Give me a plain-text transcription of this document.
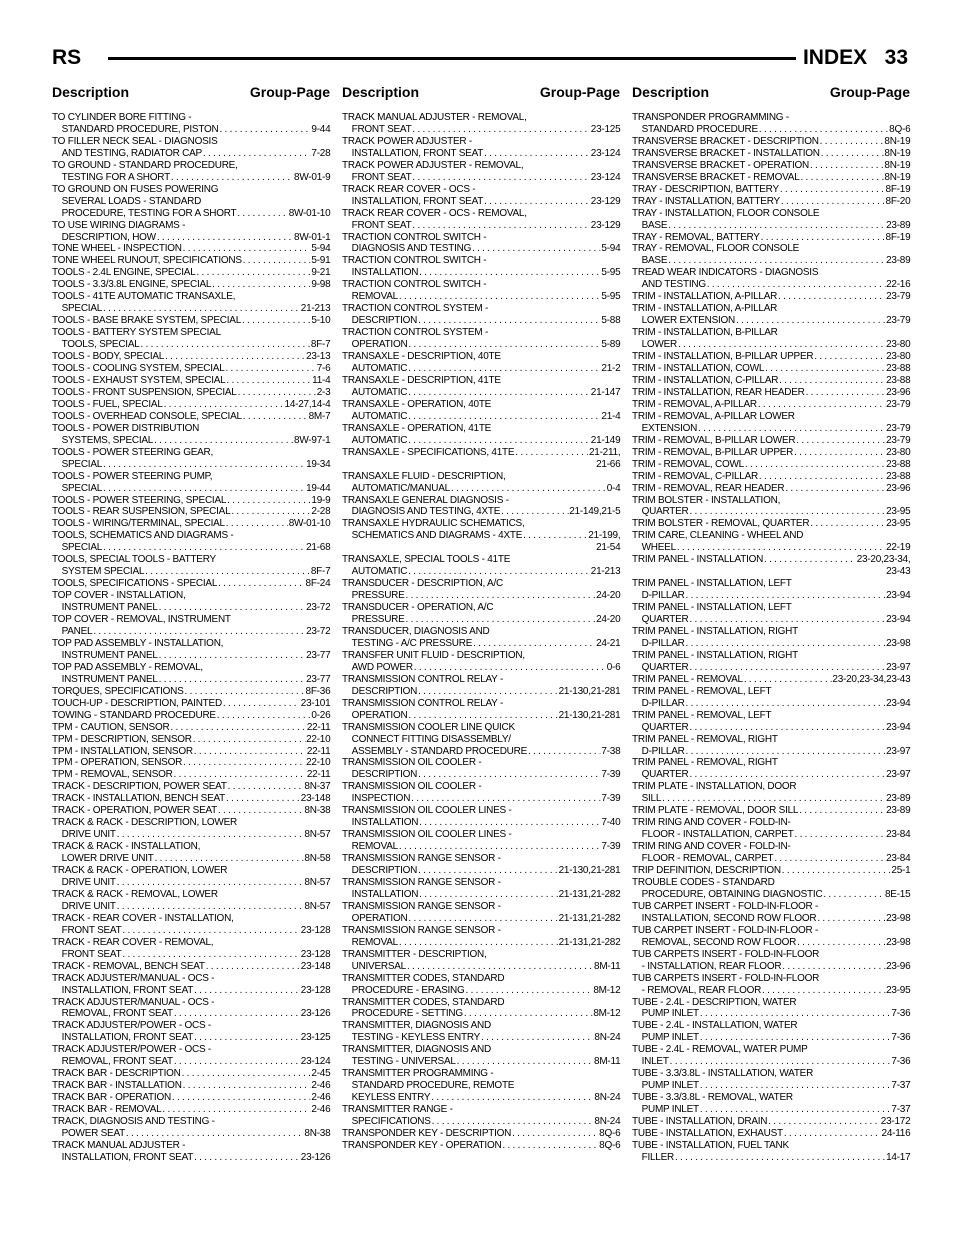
RS	INDEX 33
Description	Group-Page
TO CYLINDER BORE FITTING -
STANDARD PROCEDURE, PISTON . . .	9-44
TO FILLER NECK SEAL - DIAGNOSIS
AND TESTING, RADIATOR CAP . . .	7-28
TO GROUND - STANDARD PROCEDURE,
TESTING FOR A SHORT . . .	8W-01-9
TO GROUND ON FUSES POWERING
SEVERAL LOADS - STANDARD
PROCEDURE, TESTING FOR A SHORT . . .	8W-01-10
TO USE WIRING DIAGRAMS -
DESCRIPTION, HOW . . .	8W-01-1
TONE WHEEL - INSPECTION . . .	5-94
TONE WHEEL RUNOUT, SPECIFICATIONS . . .	5-91
TOOLS - 2.4L ENGINE, SPECIAL . . .	9-21
TOOLS - 3.3/3.8L ENGINE, SPECIAL . . .	9-98
TOOLS - 41TE AUTOMATIC TRANSAXLE,
SPECIAL . . .	21-213
TOOLS - BASE BRAKE SYSTEM, SPECIAL . . .	5-10
TOOLS - BATTERY SYSTEM SPECIAL
TOOLS, SPECIAL . . .	8F-7
TOOLS - BODY, SPECIAL . . .	23-13
TOOLS - COOLING SYSTEM, SPECIAL . . .	7-6
TOOLS - EXHAUST SYSTEM, SPECIAL . . .	11-4
TOOLS - FRONT SUSPENSION, SPECIAL . . .	2-3
TOOLS - FUEL, SPECIAL . . .	14-27,14-4
TOOLS - OVERHEAD CONSOLE, SPECIAL . . .	8M-7
TOOLS - POWER DISTRIBUTION
SYSTEMS, SPECIAL . . .	8W-97-1
TOOLS - POWER STEERING GEAR,
SPECIAL . . .	19-34
TOOLS - POWER STEERING PUMP,
SPECIAL . . .	19-44
TOOLS - POWER STEERING, SPECIAL . . .	19-9
TOOLS - REAR SUSPENSION, SPECIAL . . .	2-28
TOOLS - WIRING/TERMINAL, SPECIAL . . .	8W-01-10
TOOLS, SCHEMATICS AND DIAGRAMS -
SPECIAL . . .	21-68
TOOLS, SPECIAL TOOLS - BATTERY
SYSTEM SPECIAL . . .	8F-7
TOOLS, SPECIFICATIONS - SPECIAL . . .	8F-24
TOP COVER - INSTALLATION,
INSTRUMENT PANEL . . .	23-72
TOP COVER - REMOVAL, INSTRUMENT
PANEL . . .	23-72
TOP PAD ASSEMBLY - INSTALLATION,
INSTRUMENT PANEL . . .	23-77
TOP PAD ASSEMBLY - REMOVAL,
INSTRUMENT PANEL . . .	23-77
TORQUES, SPECIFICATIONS . . .	8F-36
TOUCH-UP - DESCRIPTION, PAINTED . . .	23-101
TOWING - STANDARD PROCEDURE . . .	0-26
TPM - CAUTION, SENSOR . . .	22-11
TPM - DESCRIPTION, SENSOR . . .	22-10
TPM - INSTALLATION, SENSOR . . .	22-11
TPM - OPERATION, SENSOR . . .	22-10
TPM - REMOVAL, SENSOR . . .	22-11
TRACK - DESCRIPTION, POWER SEAT . . .	8N-37
TRACK - INSTALLATION, BENCH SEAT . . .	23-148
TRACK - OPERATION, POWER SEAT . . .	8N-38
TRACK & RACK - DESCRIPTION, LOWER
DRIVE UNIT . . .	8N-57
TRACK & RACK - INSTALLATION,
LOWER DRIVE UNIT . . .	8N-58
TRACK & RACK - OPERATION, LOWER
DRIVE UNIT . . .	8N-57
TRACK & RACK - REMOVAL, LOWER
DRIVE UNIT . . .	8N-57
TRACK - REAR COVER - INSTALLATION,
FRONT SEAT . . .	23-128
TRACK - REAR COVER - REMOVAL,
FRONT SEAT . . .	23-128
TRACK - REMOVAL, BENCH SEAT . . .	23-148
TRACK ADJUSTER/MANUAL - OCS -
INSTALLATION, FRONT SEAT . . .	23-128
TRACK ADJUSTER/MANUAL - OCS -
REMOVAL, FRONT SEAT . . .	23-126
TRACK ADJUSTER/POWER - OCS -
INSTALLATION, FRONT SEAT . . .	23-125
TRACK ADJUSTER/POWER - OCS -
REMOVAL, FRONT SEAT . . .	23-124
TRACK BAR - DESCRIPTION . . .	2-45
TRACK BAR - INSTALLATION . . .	2-46
TRACK BAR - OPERATION . . .	2-46
TRACK BAR - REMOVAL . . .	2-46
TRACK, DIAGNOSIS AND TESTING -
POWER SEAT . . .	8N-38
TRACK MANUAL ADJUSTER -
INSTALLATION, FRONT SEAT . . .	23-126
Description	Group-Page
TRACK MANUAL ADJUSTER - REMOVAL,
FRONT SEAT . . .	23-125
TRACK POWER ADJUSTER -
INSTALLATION, FRONT SEAT . . .	23-124
TRACK POWER ADJUSTER - REMOVAL,
FRONT SEAT . . .	23-124
TRACK REAR COVER - OCS -
INSTALLATION, FRONT SEAT . . .	23-129
TRACK REAR COVER - OCS - REMOVAL,
FRONT SEAT . . .	23-129
TRACTION CONTROL SWITCH -
DIAGNOSIS AND TESTING . . .	5-94
TRACTION CONTROL SWITCH -
INSTALLATION . . .	5-95
TRACTION CONTROL SWITCH -
REMOVAL . . .	5-95
TRACTION CONTROL SYSTEM -
DESCRIPTION . . .	5-88
TRACTION CONTROL SYSTEM -
OPERATION . . .	5-89
TRANSAXLE - DESCRIPTION, 40TE
AUTOMATIC . . .	21-2
TRANSAXLE - DESCRIPTION, 41TE
AUTOMATIC . . .	21-147
TRANSAXLE - OPERATION, 40TE
AUTOMATIC . . .	21-4
TRANSAXLE - OPERATION, 41TE
AUTOMATIC . . .	21-149
TRANSAXLE - SPECIFICATIONS, 41TE . . .	21-211,
21-66
TRANSAXLE FLUID - DESCRIPTION,
AUTOMATIC/MANUAL . . .	0-4
TRANSAXLE GENERAL DIAGNOSIS -
DIAGNOSIS AND TESTING, 4XTE . . .	21-149,21-5
TRANSAXLE HYDRAULIC SCHEMATICS,
SCHEMATICS AND DIAGRAMS - 4XTE . . .	21-199,
21-54
TRANSAXLE, SPECIAL TOOLS - 41TE
AUTOMATIC . . .	21-213
TRANSDUCER - DESCRIPTION, A/C
PRESSURE . . .	24-20
TRANSDUCER - OPERATION, A/C
PRESSURE . . .	24-20
TRANSDUCER, DIAGNOSIS AND
TESTING - A/C PRESSURE . . .	24-21
TRANSFER UNIT FLUID - DESCRIPTION,
AWD POWER . . .	0-6
TRANSMISSION CONTROL RELAY -
DESCRIPTION . . .	21-130,21-281
TRANSMISSION CONTROL RELAY -
OPERATION . . .	21-130,21-281
TRANSMISSION COOLER LINE QUICK
CONNECT FITTING DISASSEMBLY/
ASSEMBLY - STANDARD PROCEDURE . . .	7-38
TRANSMISSION OIL COOLER -
DESCRIPTION . . .	7-39
TRANSMISSION OIL COOLER -
INSPECTION . . .	7-39
TRANSMISSION OIL COOLER LINES -
INSTALLATION . . .	7-40
TRANSMISSION OIL COOLER LINES -
REMOVAL . . .	7-39
TRANSMISSION RANGE SENSOR -
DESCRIPTION . . .	21-130,21-281
TRANSMISSION RANGE SENSOR -
INSTALLATION . . .	21-131,21-282
TRANSMISSION RANGE SENSOR -
OPERATION . . .	21-131,21-282
TRANSMISSION RANGE SENSOR -
REMOVAL . . .	21-131,21-282
TRANSMITTER - DESCRIPTION,
UNIVERSAL . . .	8M-11
TRANSMITTER CODES, STANDARD
PROCEDURE - ERASING . . .	8M-12
TRANSMITTER CODES, STANDARD
PROCEDURE - SETTING . . .	8M-12
TRANSMITTER, DIAGNOSIS AND
TESTING - KEYLESS ENTRY . . .	8N-24
TRANSMITTER, DIAGNOSIS AND
TESTING - UNIVERSAL . . .	8M-11
TRANSMITTER PROGRAMMING -
STANDARD PROCEDURE, REMOTE
KEYLESS ENTRY . . .	8N-24
TRANSMITTER RANGE -
SPECIFICATIONS . . .	8N-24
TRANSPONDER KEY - DESCRIPTION . . .	8Q-6
TRANSPONDER KEY - OPERATION . . .	8Q-6
Description	Group-Page
TRANSPONDER PROGRAMMING -
STANDARD PROCEDURE . . .	8Q-6
TRANSVERSE BRACKET - DESCRIPTION . . .	8N-19
TRANSVERSE BRACKET - INSTALLATION . . .	8N-19
TRANSVERSE BRACKET - OPERATION . . .	8N-19
TRANSVERSE BRACKET - REMOVAL . . .	8N-19
TRAY - DESCRIPTION, BATTERY . . .	8F-19
TRAY - INSTALLATION, BATTERY . . .	8F-20
TRAY - INSTALLATION, FLOOR CONSOLE
BASE . . .	23-89
TRAY - REMOVAL, BATTERY . . .	8F-19
TRAY - REMOVAL, FLOOR CONSOLE
BASE . . .	23-89
TREAD WEAR INDICATORS - DIAGNOSIS
AND TESTING . . .	22-16
TRIM - INSTALLATION, A-PILLAR . . .	23-79
TRIM - INSTALLATION, A-PILLAR
LOWER EXTENSION . . .	23-79
TRIM - INSTALLATION, B-PILLAR
LOWER . . .	23-80
TRIM - INSTALLATION, B-PILLAR UPPER . . .	23-80
TRIM - INSTALLATION, COWL . . .	23-88
TRIM - INSTALLATION, C-PILLAR . . .	23-88
TRIM - INSTALLATION, REAR HEADER . . .	23-96
TRIM - REMOVAL, A-PILLAR . . .	23-79
TRIM - REMOVAL, A-PILLAR LOWER
EXTENSION . . .	23-79
TRIM - REMOVAL, B-PILLAR LOWER . . .	23-79
TRIM - REMOVAL, B-PILLAR UPPER . . .	23-80
TRIM - REMOVAL, COWL . . .	23-88
TRIM - REMOVAL, C-PILLAR . . .	23-88
TRIM - REMOVAL, REAR HEADER . . .	23-96
TRIM BOLSTER - INSTALLATION,
QUARTER . . .	23-95
TRIM BOLSTER - REMOVAL, QUARTER . . .	23-95
TRIM CARE, CLEANING - WHEEL AND
WHEEL . . .	22-19
TRIM PANEL - INSTALLATION . . .	23-20,23-34,
23-43
TRIM PANEL - INSTALLATION, LEFT
D-PILLAR . . .	23-94
TRIM PANEL - INSTALLATION, LEFT
QUARTER . . .	23-94
TRIM PANEL - INSTALLATION, RIGHT
D-PILLAR . . .	23-98
TRIM PANEL - INSTALLATION, RIGHT
QUARTER . . .	23-97
TRIM PANEL - REMOVAL . . .	23-20,23-34,23-43
TRIM PANEL - REMOVAL, LEFT
D-PILLAR . . .	23-94
TRIM PANEL - REMOVAL, LEFT
QUARTER . . .	23-94
TRIM PANEL - REMOVAL, RIGHT
D-PILLAR . . .	23-97
TRIM PANEL - REMOVAL, RIGHT
QUARTER . . .	23-97
TRIM PLATE - INSTALLATION, DOOR
SILL . . .	23-89
TRIM PLATE - REMOVAL, DOOR SILL . . .	23-89
TRIM RING AND COVER - FOLD-IN-
FLOOR - INSTALLATION, CARPET . . .	23-84
TRIM RING AND COVER - FOLD-IN-
FLOOR - REMOVAL, CARPET . . .	23-84
TRIP DEFINITION, DESCRIPTION . . .	25-1
TROUBLE CODES - STANDARD
PROCEDURE, OBTAINING DIAGNOSTIC . . .	8E-15
TUB CARPET INSERT - FOLD-IN-FLOOR -
INSTALLATION, SECOND ROW FLOOR . . .	23-98
TUB CARPET INSERT - FOLD-IN-FLOOR -
REMOVAL, SECOND ROW FLOOR . . .	23-98
TUB CARPETS INSERT - FOLD-IN-FLOOR
- INSTALLATION, REAR FLOOR . . .	23-96
TUB CARPETS INSERT - FOLD-IN-FLOOR
- REMOVAL, REAR FLOOR . . .	23-95
TUBE - 2.4L - DESCRIPTION, WATER
PUMP INLET . . .	7-36
TUBE - 2.4L - INSTALLATION, WATER
PUMP INLET . . .	7-36
TUBE - 2.4L - REMOVAL, WATER PUMP
INLET . . .	7-36
TUBE - 3.3/3.8L - INSTALLATION, WATER
PUMP INLET . . .	7-37
TUBE - 3.3/3.8L - REMOVAL, WATER
PUMP INLET . . .	7-37
TUBE - INSTALLATION, DRAIN . . .	23-172
TUBE - INSTALLATION, EXHAUST . . .	24-116
TUBE - INSTALLATION, FUEL TANK
FILLER . . .	14-17
